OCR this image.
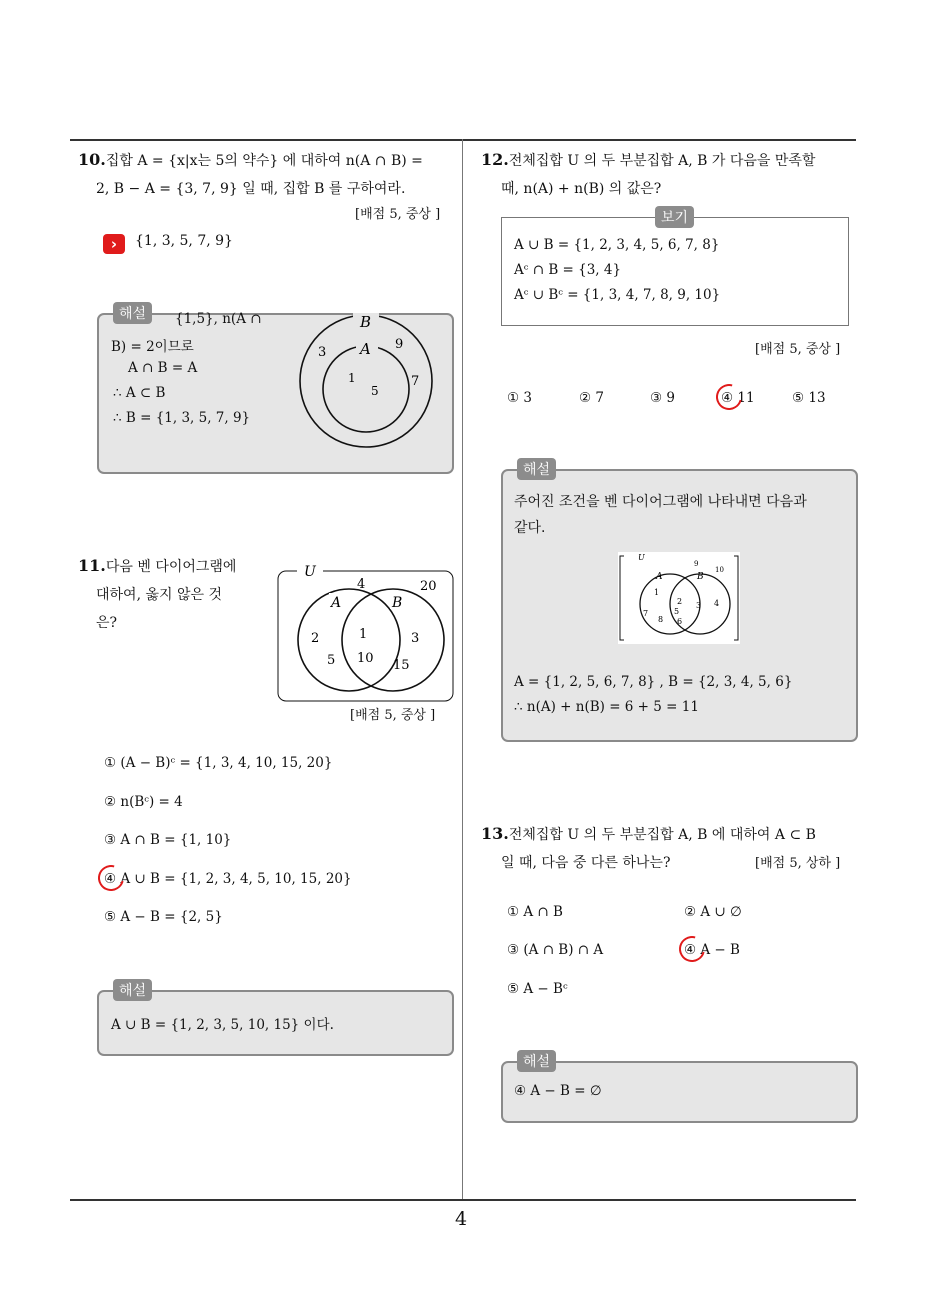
4
10.집합 A = {x|x는 5의 약수} 에 대하여 n(A ∩ B) =
2, B − A = {3, 7, 9} 일 때, 집합 B 를 구하여라.
[배점 5, 중상 ]
›	{1, 3, 5, 7, 9}
해설	{1,5}, n(A ∩
B) = 2이므로
A ∩ B = A
∴ A ⊂ B
∴ B = {1, 3, 5, 7, 9}
B
A
3
9
7
1
5
11.다음 벤 다이어그램에
대하여, 옳지 않은 것
은?
U
A	B
4	20
2
5
1
10
3
15
[배점 5, 중상 ]
① (A − B)ᶜ = {1, 3, 4, 10, 15, 20}
② n(Bᶜ) = 4
③ A ∩ B = {1, 10}
④ A ∪ B = {1, 2, 3, 4, 5, 10, 15, 20}
⑤ A − B = {2, 5}
해설
A ∪ B = {1, 2, 3, 5, 10, 15} 이다.
12.전체집합 U 의 두 부분집합 A, B 가 다음을 만족할
때, n(A) + n(B) 의 값은?
보기
A ∪ B = {1, 2, 3, 4, 5, 6, 7, 8}
Aᶜ ∩ B = {3, 4}
Aᶜ ∪ Bᶜ = {1, 3, 4, 7, 8, 9, 10}
[배점 5, 중상 ]
① 3	② 7	③ 9	④ 11	⑤ 13
해설
주어진 조건을 벤 다이어그램에 나타내면 다음과
같다.
U
A	B
9
10
1
7
8
2
5
6
3 4
A = {1, 2, 5, 6, 7, 8} , B = {2, 3, 4, 5, 6}
∴ n(A) + n(B) = 6 + 5 = 11
13.전체집합 U 의 두 부분집합 A, B 에 대하여 A ⊂ B
일 때, 다음 중 다른 하나는?	[배점 5, 상하 ]
① A ∩ B	② A ∪ ∅
③ (A ∩ B) ∩ A	④ A − B
⑤ A − Bᶜ
해설
④ A − B = ∅
